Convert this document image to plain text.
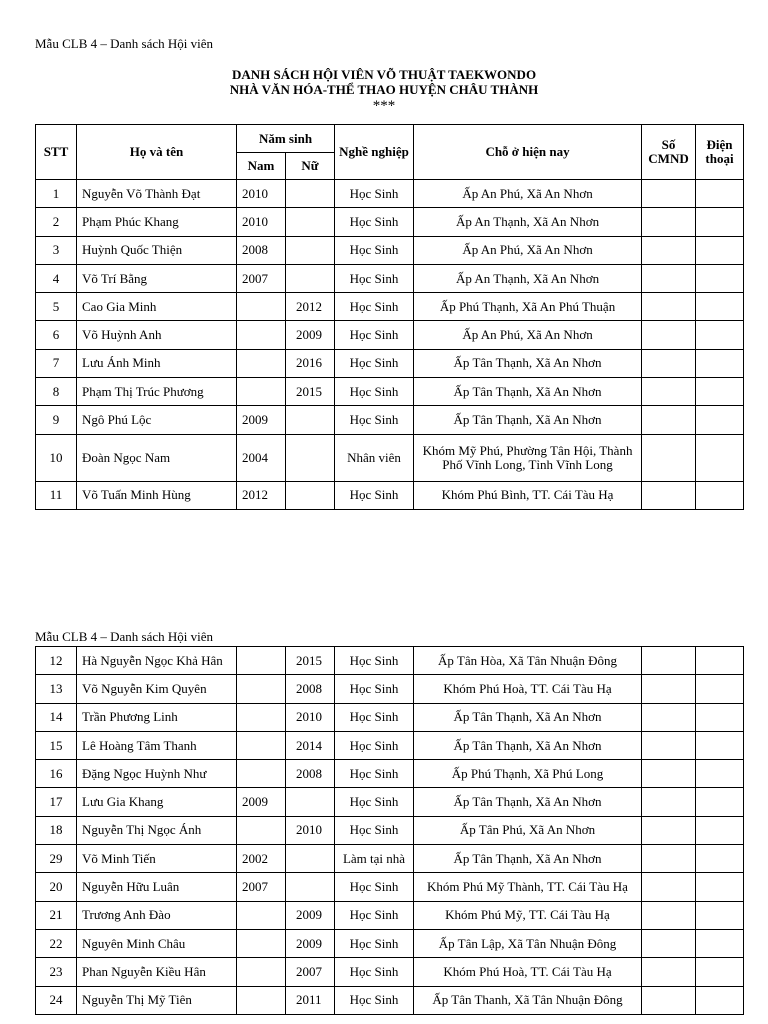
Mẫu CLB 4 – Danh sách Hội viên
DANH SÁCH HỘI VIÊN VÕ THUẬT TAEKWONDO
NHÀ VĂN HÓA-THỂ THAO HUYỆN CHÂU THÀNH
***
STT	Họ và tên	Năm sinh		Nghề nghiệp	Chỗ ở hiện nay	Số CMND	Điện thoại
		Nam	Nữ				
1	Nguyễn Võ Thành Đạt	2010		Học Sinh	Ấp An Phú, Xã An Nhơn		
2	Phạm Phúc Khang	2010		Học Sinh	Ấp An Thạnh, Xã An Nhơn		
3	Huỳnh Quốc Thiện	2008		Học Sinh	Ấp An Phú, Xã An Nhơn		
4	Võ Trí Bằng	2007		Học Sinh	Ấp An Thạnh, Xã An Nhơn		
5	Cao Gia Minh		2012	Học Sinh	Ấp Phú Thạnh, Xã An Phú Thuận		
6	Võ Huỳnh Anh		2009	Học Sinh	Ấp An Phú, Xã An Nhơn		
7	Lưu Ánh Minh		2016	Học Sinh	Ấp Tân Thạnh, Xã An Nhơn		
8	Phạm Thị Trúc Phương		2015	Học Sinh	Ấp Tân Thạnh, Xã An Nhơn		
9	Ngô Phú Lộc	2009		Học Sinh	Ấp Tân Thạnh, Xã An Nhơn		
10	Đoàn Ngọc Nam	2004		Nhân viên	Khóm Mỹ Phú, Phường Tân Hội, Thành Phố Vĩnh Long, Tỉnh Vĩnh Long		
11	Võ Tuấn Minh Hùng	2012		Học Sinh	Khóm Phú Bình, TT. Cái Tàu Hạ		
Mẫu CLB 4 – Danh sách Hội viên
12	Hà Nguyễn Ngọc Khả Hân		2015	Học Sinh	Ấp Tân Hòa, Xã Tân Nhuận Đông		
13	Võ Nguyễn Kim Quyên		2008	Học Sinh	Khóm Phú Hoà, TT. Cái Tàu Hạ		
14	Trần Phương Linh		2010	Học Sinh	Ấp Tân Thạnh, Xã An Nhơn		
15	Lê Hoàng Tâm Thanh		2014	Học Sinh	Ấp Tân Thạnh, Xã An Nhơn		
16	Đặng Ngọc Huỳnh Như		2008	Học Sinh	Ấp Phú Thạnh, Xã Phú Long		
17	Lưu Gia Khang	2009		Học Sinh	Ấp Tân Thạnh, Xã An Nhơn		
18	Nguyễn Thị Ngọc Ánh		2010	Học Sinh	Ấp Tân Phú, Xã An Nhơn		
29	Võ Minh Tiến	2002		Làm tại nhà	Ấp Tân Thạnh, Xã An Nhơn		
20	Nguyễn Hữu Luân	2007		Học Sinh	Khóm Phú Mỹ Thành, TT. Cái Tàu Hạ		
21	Trương Anh Đào		2009	Học Sinh	Khóm Phú Mỹ, TT. Cái Tàu Hạ		
22	Nguyên Minh Châu		2009	Học Sinh	Ấp Tân Lập, Xã Tân Nhuận Đông		
23	Phan Nguyễn Kiều Hân		2007	Học Sinh	Khóm Phú Hoà, TT. Cái Tàu Hạ		
24	Nguyễn Thị Mỹ Tiên		2011	Học Sinh	Ấp Tân Thanh, Xã Tân Nhuận Đông		
